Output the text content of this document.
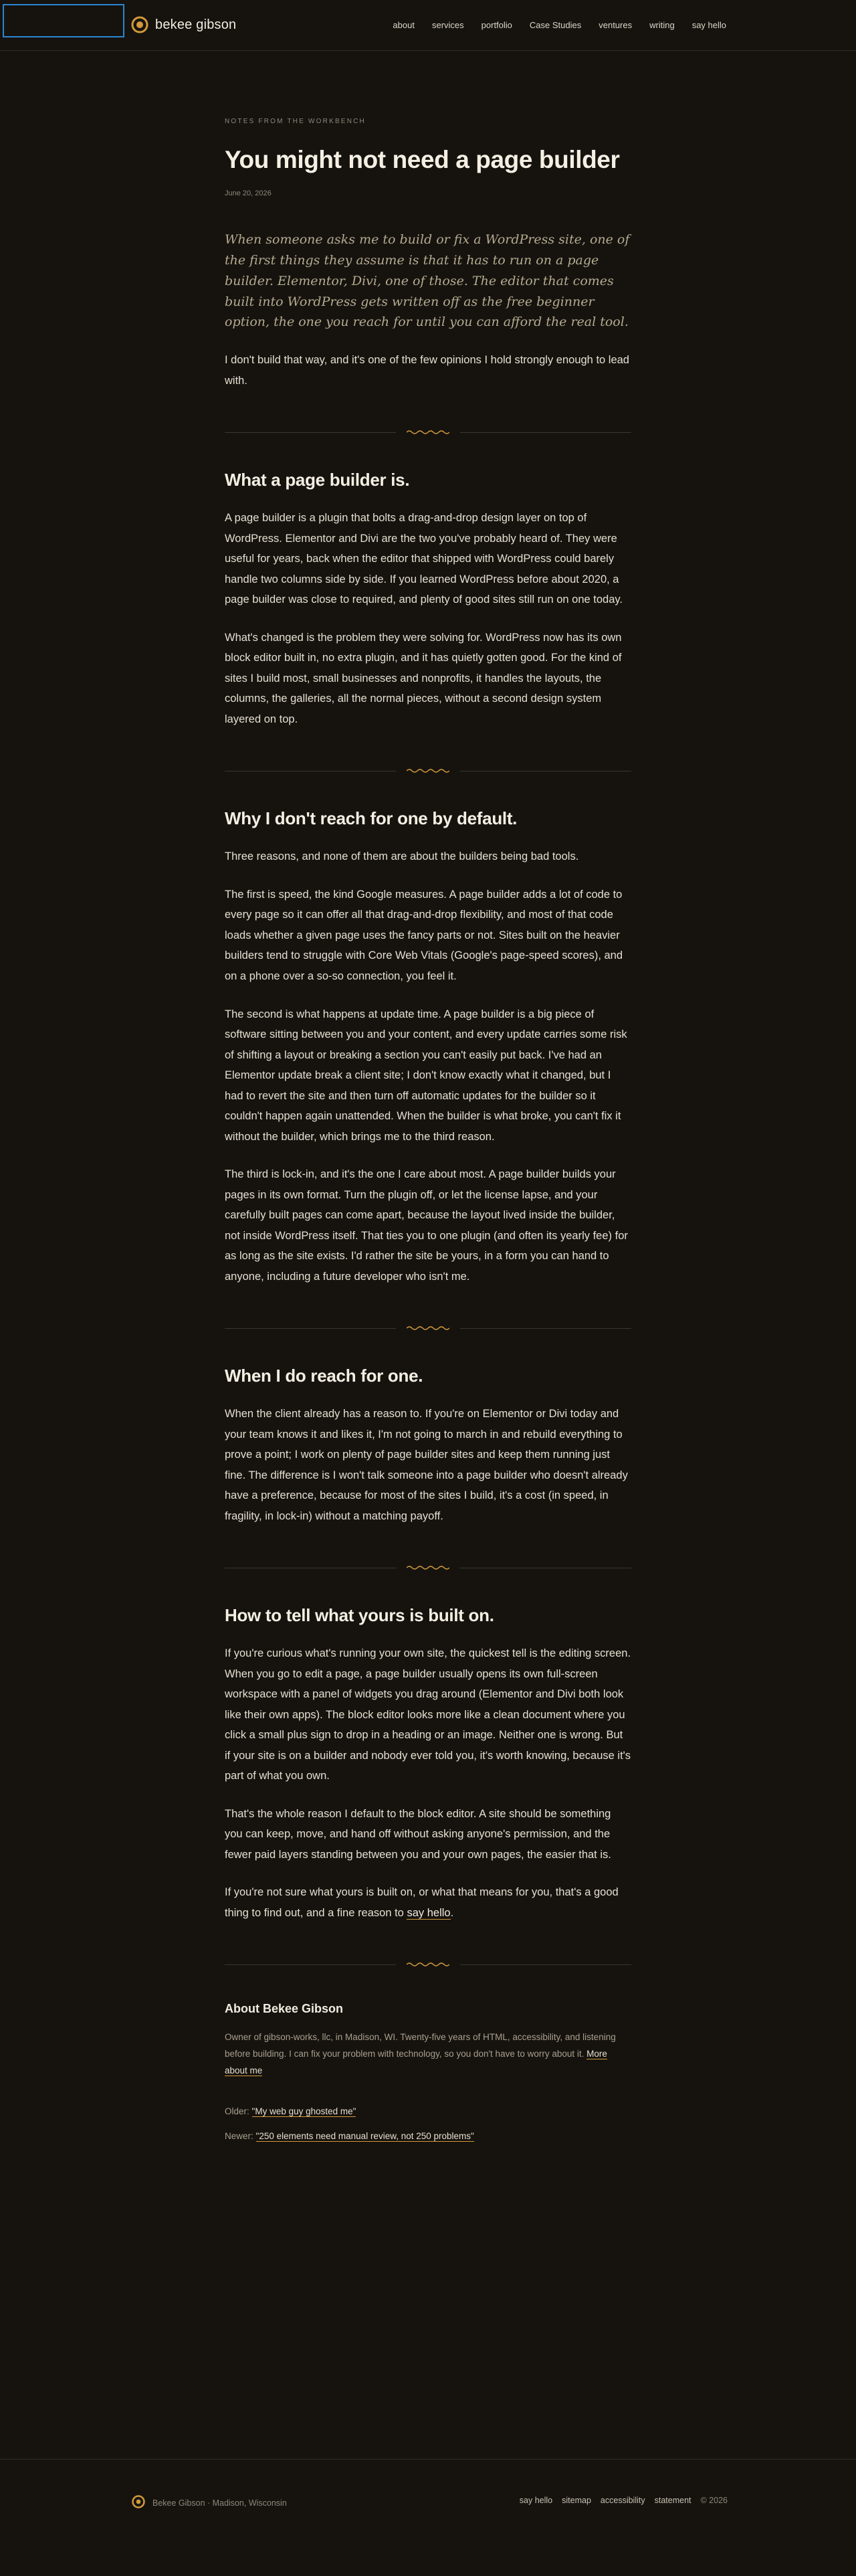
bekee gibson	about	services	portfolio	Case Studies	ventures	writing	say hello
NOTES FROM THE WORKBENCH
You might not need a page builder
June 20, 2026

When someone asks me to build or fix a WordPress site, one of the first things they assume is that it has to run on a page builder. Elementor, Divi, one of those. The editor that comes built into WordPress gets written off as the free beginner option, the one you reach for until you can afford the real tool.

I don't build that way, and it's one of the few opinions I hold strongly enough to lead with.

What a page builder is.

A page builder is a plugin that bolts a drag-and-drop design layer on top of WordPress. Elementor and Divi are the two you've probably heard of. They were useful for years, back when the editor that shipped with WordPress could barely handle two columns side by side. If you learned WordPress before about 2020, a page builder was close to required, and plenty of good sites still run on one today.

What's changed is the problem they were solving for. WordPress now has its own block editor built in, no extra plugin, and it has quietly gotten good. For the kind of sites I build most, small businesses and nonprofits, it handles the layouts, the columns, the galleries, all the normal pieces, without a second design system layered on top.

Why I don't reach for one by default.

Three reasons, and none of them are about the builders being bad tools.

The first is speed, the kind Google measures. A page builder adds a lot of code to every page so it can offer all that drag-and-drop flexibility, and most of that code loads whether a given page uses the fancy parts or not. Sites built on the heavier builders tend to struggle with Core Web Vitals (Google's page-speed scores), and on a phone over a so-so connection, you feel it.

The second is what happens at update time. A page builder is a big piece of software sitting between you and your content, and every update carries some risk of shifting a layout or breaking a section you can't easily put back. I've had an Elementor update break a client site; I don't know exactly what it changed, but I had to revert the site and then turn off automatic updates for the builder so it couldn't happen again unattended. When the builder is what broke, you can't fix it without the builder, which brings me to the third reason.

The third is lock-in, and it's the one I care about most. A page builder builds your pages in its own format. Turn the plugin off, or let the license lapse, and your carefully built pages can come apart, because the layout lived inside the builder, not inside WordPress itself. That ties you to one plugin (and often its yearly fee) for as long as the site exists. I'd rather the site be yours, in a form you can hand to anyone, including a future developer who isn't me.

When I do reach for one.

When the client already has a reason to. If you're on Elementor or Divi today and your team knows it and likes it, I'm not going to march in and rebuild everything to prove a point; I work on plenty of page builder sites and keep them running just fine. The difference is I won't talk someone into a page builder who doesn't already have a preference, because for most of the sites I build, it's a cost (in speed, in fragility, in lock-in) without a matching payoff.

How to tell what yours is built on.

If you're curious what's running your own site, the quickest tell is the editing screen. When you go to edit a page, a page builder usually opens its own full-screen workspace with a panel of widgets you drag around (Elementor and Divi both look like their own apps). The block editor looks more like a clean document where you click a small plus sign to drop in a heading or an image. Neither one is wrong. But if your site is on a builder and nobody ever told you, it's worth knowing, because it's part of what you own.

That's the whole reason I default to the block editor. A site should be something you can keep, move, and hand off without asking anyone's permission, and the fewer paid layers standing between you and your own pages, the easier that is.

If you're not sure what yours is built on, or what that means for you, that's a good thing to find out, and a fine reason to say hello.

About Bekee Gibson

Owner of gibson-works, llc, in Madison, WI. Twenty-five years of HTML, accessibility, and listening before building. I can fix your problem with technology, so you don't have to worry about it. More about me

Older: "My web guy ghosted me"

Newer: "250 elements need manual review, not 250 problems"

Bekee Gibson · Madison, Wisconsin	say hello sitemap accessibility statement © 2026
